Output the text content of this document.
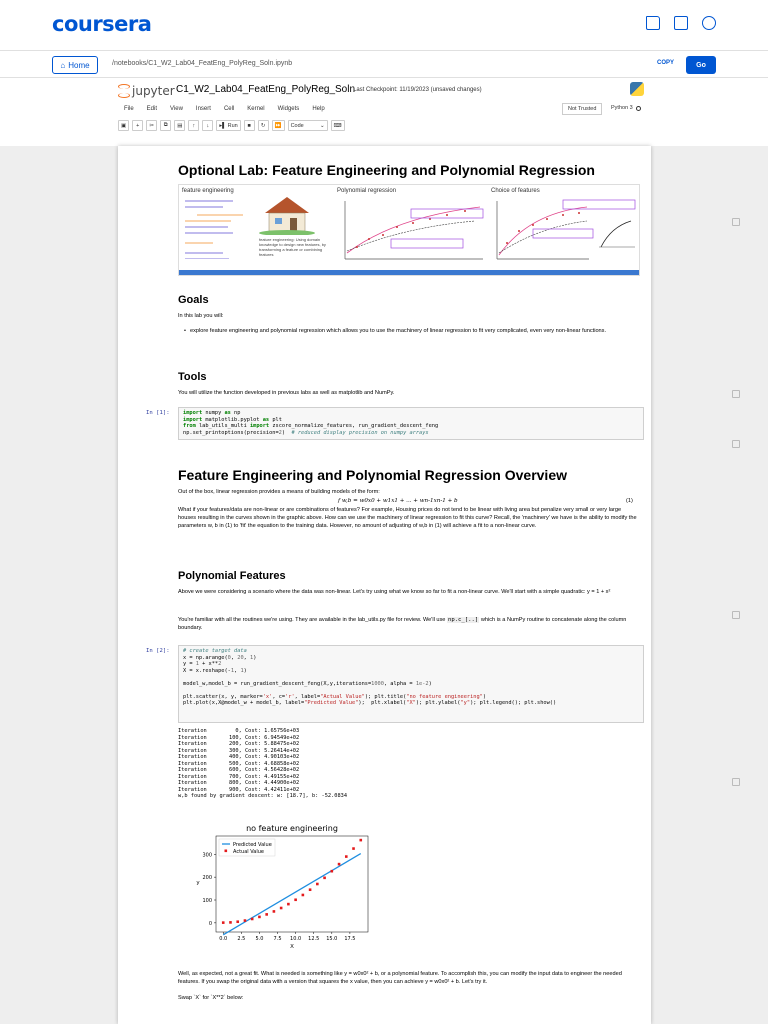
coursera
⌂ Home	/notebooks/C1_W2_Lab04_FeatEng_PolyReg_Soln.ipynb	COPY	Go
jupyter C1_W2_Lab04_FeatEng_PolyReg_Soln
Last Checkpoint: 11/19/2023 (unsaved changes)
File Edit View Insert Cell Kernel Widgets Help	Not Trusted	Python 3
▣	+	✂	⧉	▤	↑	↓	▸▌
Run	■	↻	⏩	Code	⌄	⌨
Optional Lab: Feature Engineering and Polynomial Regression
feature engineering
feature engineering: Using domain knowledge to design new features, by transforming a feature or combining features
Polynomial regression	Choice of features
Goals
In this lab you will:
• explore feature engineering and polynomial regression which allows you to use the machinery of linear regression to fit very complicated, even very non-linear functions.
Tools
You will utilize the function developed in previous labs as well as matplotlib and NumPy.
In [1]:	import numpy as np
import matplotlib.pyplot as plt
from lab_utils_multi import zscore_normalize_features, run_gradient_descent_feng
np.set_printoptions(precision=2)  # reduced display precision on numpy arrays
Feature Engineering and Polynomial Regression Overview
Out of the box, linear regression provides a means of building models of the form:
f w,b = w0x0 + w1x1 + ... + wn-1xn-1 + b	(1)
What if your features/data are non-linear or are combinations of features? For example, Housing prices do not tend to be linear with living area but penalize very small or very large houses resulting in the curves shown in the graphic above. How can we use the machinery of linear regression to fit this curve? Recall, the 'machinery' we have is the ability to modify the parameters w, b in (1) to 'fit' the equation to the training data. However, no amount of adjusting of w,b in (1) will achieve a fit to a non-linear curve.
Polynomial Features
Above we were considering a scenario where the data was non-linear. Let's try using what we know so far to fit a non-linear curve. We'll start with a simple quadratic: y = 1 + x²
You're familiar with all the routines we're using. They are available in the lab_utils.py file for review. We'll use np.c_[..] which is a NumPy routine to concatenate along the column boundary.
In [2]:	# create target data
x = np.arange(0, 20, 1)
y = 1 + x**2
X = x.reshape(-1, 1)

model_w,model_b = run_gradient_descent_feng(X,y,iterations=1000, alpha = 1e-2)

plt.scatter(x, y, marker='x', c='r', label="Actual Value"); plt.title("no feature engineering")
plt.plot(x,X@model_w + model_b, label="Predicted Value");  plt.xlabel("X"); plt.ylabel("y"); plt.legend(); plt.show()
Iteration         0, Cost: 1.65756e+03
Iteration       100, Cost: 6.94549e+02
Iteration       200, Cost: 5.88475e+02
Iteration       300, Cost: 5.26414e+02
Iteration       400, Cost: 4.90103e+02
Iteration       500, Cost: 4.68858e+02
Iteration       600, Cost: 4.56428e+02
Iteration       700, Cost: 4.49155e+02
Iteration       800, Cost: 4.44900e+02
Iteration       900, Cost: 4.42411e+02
w,b found by gradient descent: w: [18.7], b: -52.0834
no feature engineering
0
100
200
300
0.0 2.5 5.0 7.5 10.0 12.5 15.0 17.5
X
y
Predicted Value
Actual Value
Well, as expected, not a great fit. What is needed is something like y = w0x0² + b, or a polynomial feature. To accomplish this, you can modify the input data to engineer the needed features. If you swap the original data with a version that squares the x value, then you can achieve y = w0x0² + b. Let's try it.
Swap `X` for `X**2` below:
